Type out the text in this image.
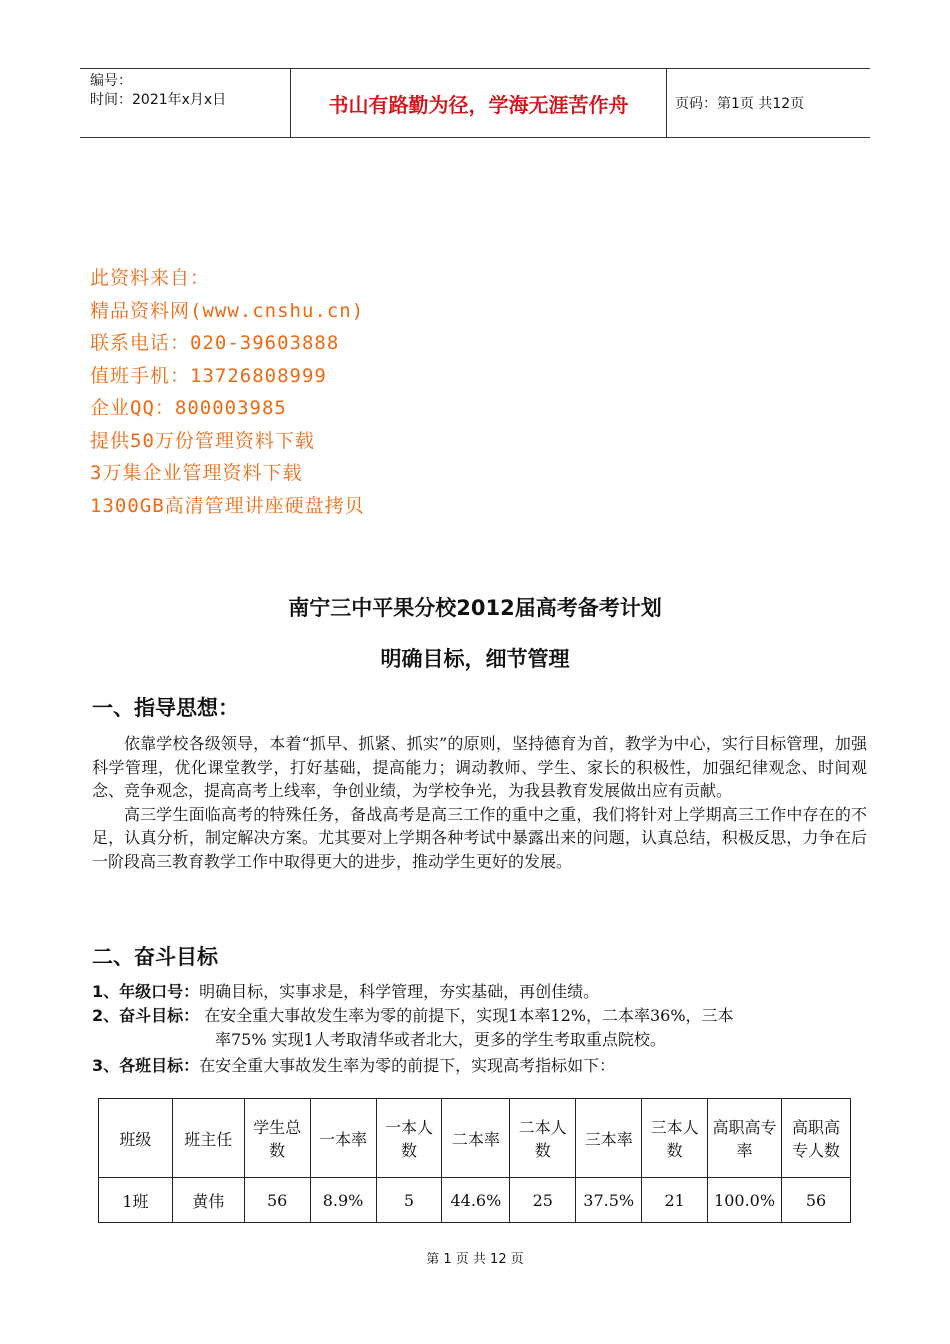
编号：
时间：2021年x月x日	书山有路勤为径，学海无涯苦作舟	页码：第1页 共12页
此资料来自：
精品资料网(www.cnshu.cn)
联系电话：020-39603888
值班手机：13726808999
企业QQ：800003985
提供50万份管理资料下载
3万集企业管理资料下载
1300GB高清管理讲座硬盘拷贝
南宁三中平果分校2012届高考备考计划
明确目标，细节管理
一、指导思想：

依靠学校各级领导，本着“抓早、抓紧、抓实”的原则，坚持德育为首，教学为中心，实行目标管理，加强科学管理，优化课堂教学，打好基础，提高能力；调动教师、学生、家长的积极性，加强纪律观念、时间观念、竞争观念，提高高考上线率，争创业绩，为学校争光，为我县教育发展做出应有贡献。

高三学生面临高考的特殊任务，备战高考是高三工作的重中之重，我们将针对上学期高三工作中存在的不足，认真分析，制定解决方案。尤其要对上学期各种考试中暴露出来的问题，认真总结，积极反思，力争在后一阶段高三教育教学工作中取得更大的进步，推动学生更好的发展。

二、奋斗目标
1、年级口号：明确目标，实事求是，科学管理，夯实基础，再创佳绩。
2、奋斗目标： 在安全重大事故发生率为零的前提下，实现1本率12%，二本率36%，三本
率75% 实现1人考取清华或者北大，更多的学生考取重点院校。
3、各班目标：在安全重大事故发生率为零的前提下，实现高考指标如下：
班级	班主任	学生总数	一本率	一本人数	二本率	二本人数	三本率	三本人数	高职高专率	高职高专人数
1班	黄伟	56	8.9%	5	44.6%	25	37.5%	21	100.0%	56
第 1 页 共 12 页
